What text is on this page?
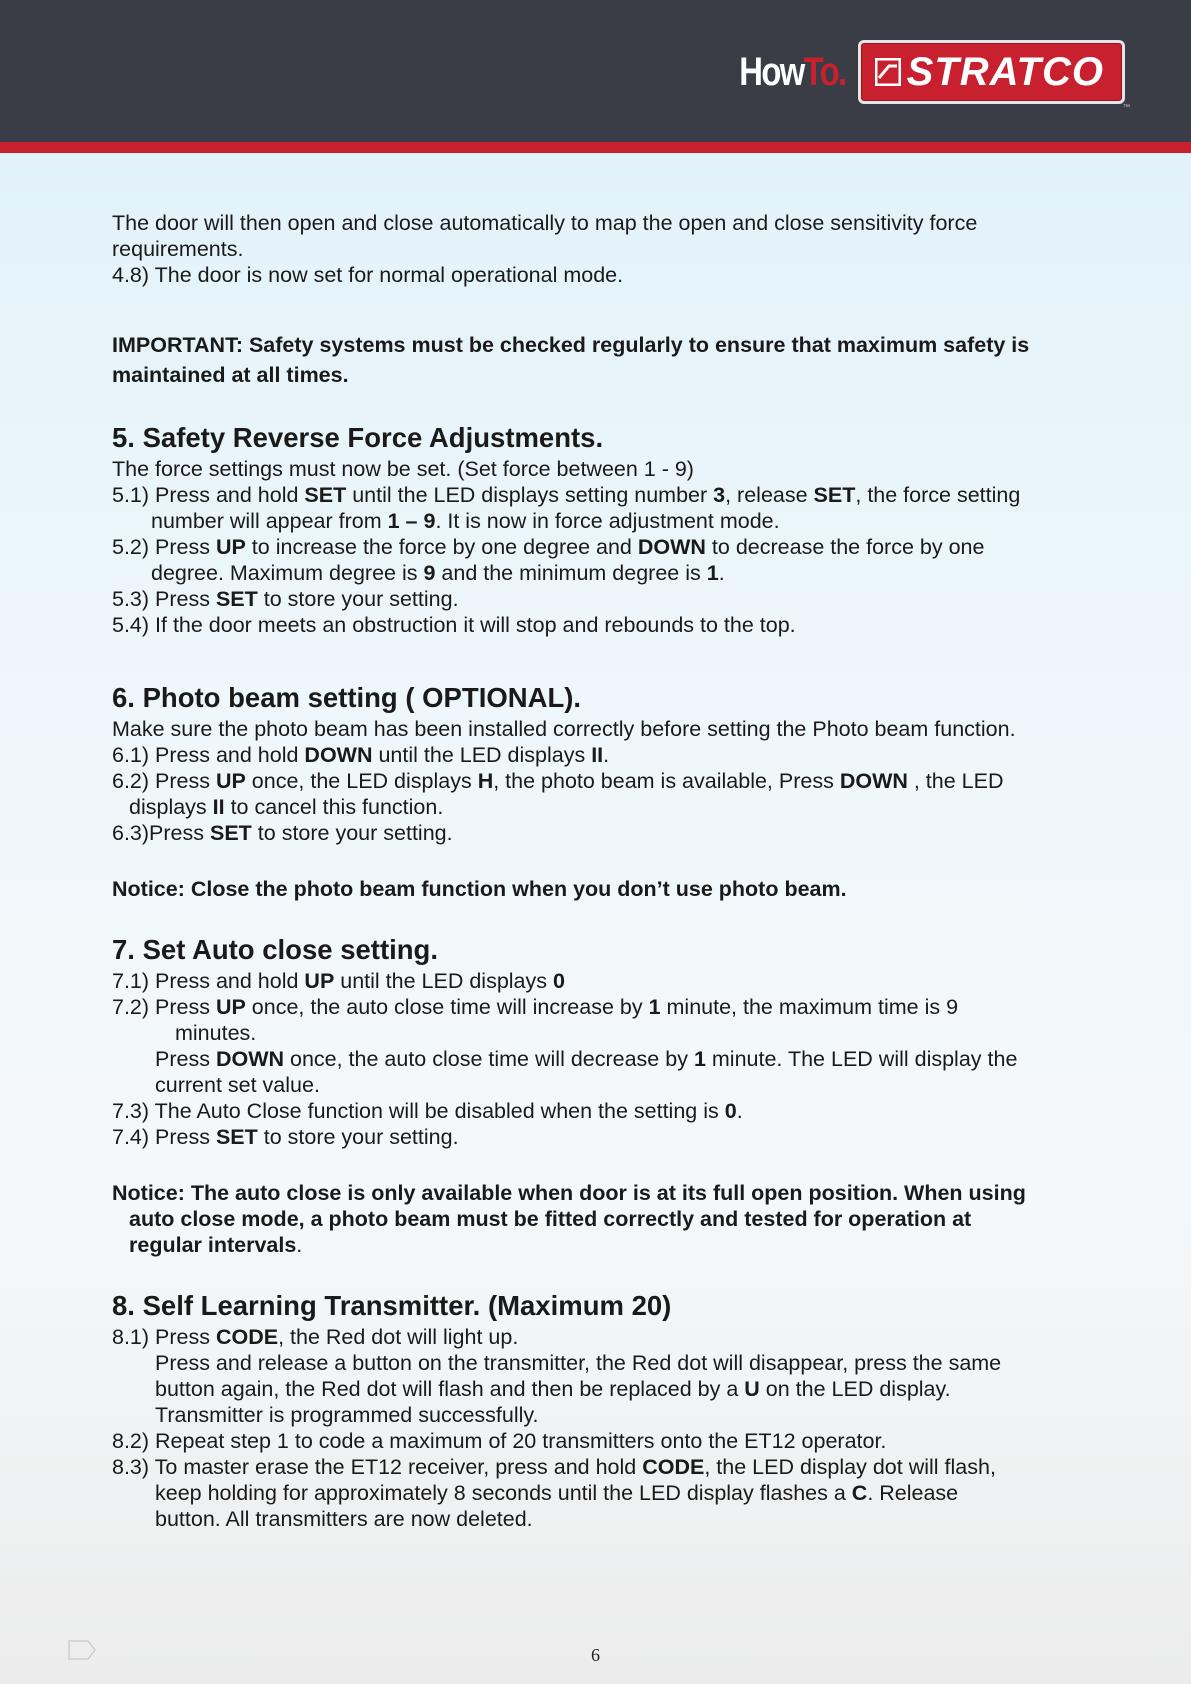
HowTo. STRATCO
™

The door will then open and close automatically to map the open and close sensitivity force

requirements.

4.8) The door is now set for normal operational mode.

IMPORTANT: Safety systems must be checked regularly to ensure that maximum safety is

maintained at all times.

5. Safety Reverse Force Adjustments.

The force settings must now be set. (Set force between 1 - 9)

5.1) Press and hold SET until the LED displays setting number 3, release SET, the force setting

number will appear from 1 – 9. It is now in force adjustment mode.

5.2) Press UP to increase the force by one degree and DOWN to decrease the force by one

degree. Maximum degree is 9 and the minimum degree is 1.

5.3) Press SET to store your setting.

5.4) If the door meets an obstruction it will stop and rebounds to the top.

6. Photo beam setting ( OPTIONAL).

Make sure the photo beam has been installed correctly before setting the Photo beam function.

6.1) Press and hold DOWN until the LED displays II.

6.2) Press UP once, the LED displays H, the photo beam is available, Press DOWN , the LED

displays II to cancel this function.

6.3)Press SET to store your setting.

Notice: Close the photo beam function when you don’t use photo beam.

7. Set Auto close setting.

7.1) Press and hold UP until the LED displays 0

7.2) Press UP once, the auto close time will increase by 1 minute, the maximum time is 9

minutes.

Press DOWN once, the auto close time will decrease by 1 minute. The LED will display the

current set value.

7.3) The Auto Close function will be disabled when the setting is 0.

7.4) Press SET to store your setting.

Notice: The auto close is only available when door is at its full open position. When using

auto close mode, a photo beam must be fitted correctly and tested for operation at

regular intervals.

8. Self Learning Transmitter. (Maximum 20)

8.1) Press CODE, the Red dot will light up.

Press and release a button on the transmitter, the Red dot will disappear, press the same

button again, the Red dot will flash and then be replaced by a U on the LED display.

Transmitter is programmed successfully.

8.2) Repeat step 1 to code a maximum of 20 transmitters onto the ET12 operator.

8.3) To master erase the ET12 receiver, press and hold CODE, the LED display dot will flash,

keep holding for approximately 8 seconds until the LED display flashes a C. Release

button. All transmitters are now deleted.

6
